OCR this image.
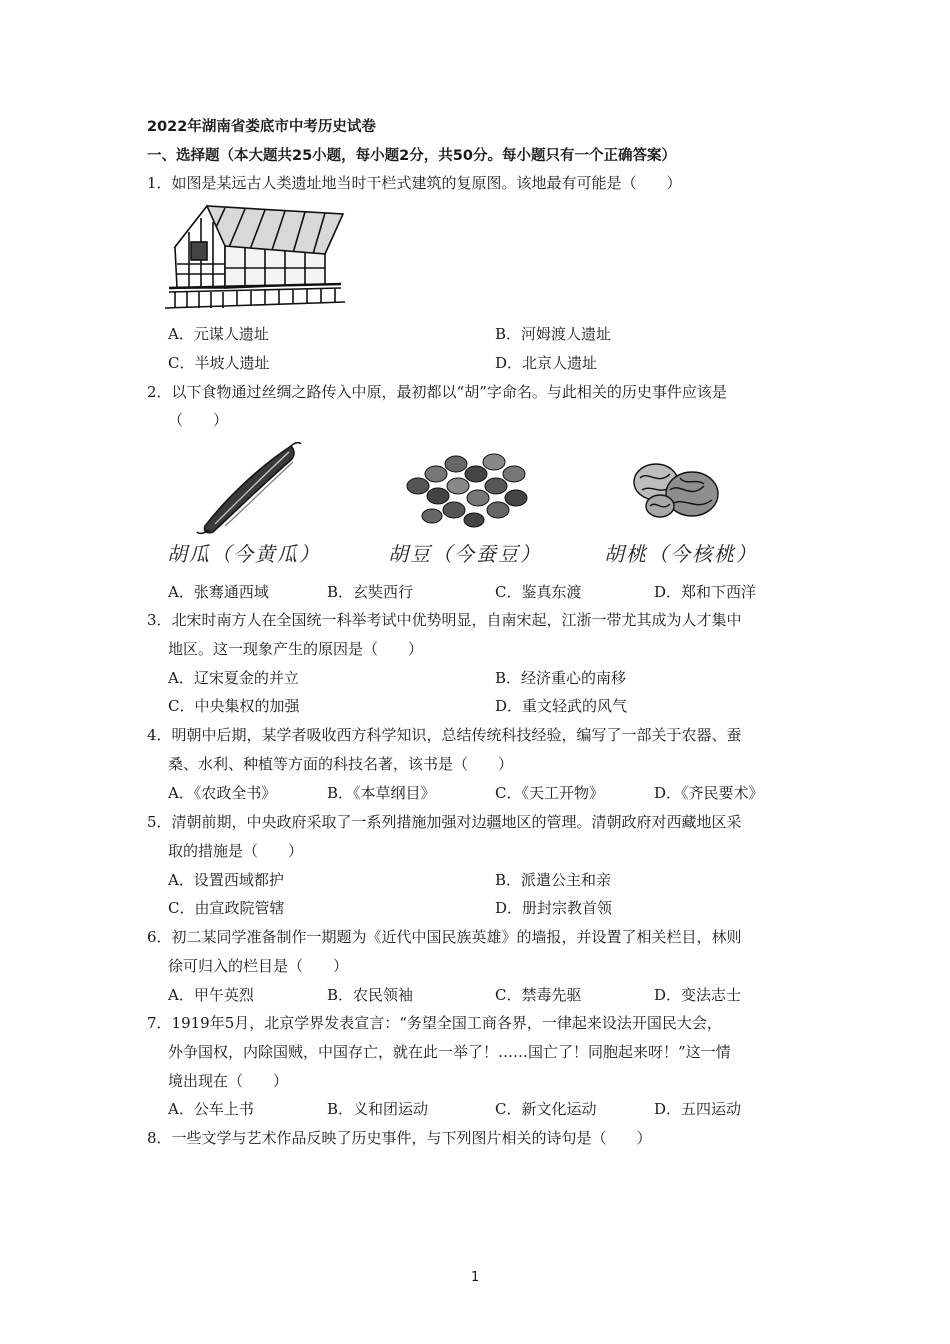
2022年湖南省娄底市中考历史试卷
一、选择题（本大题共25小题，每小题2分，共50分。每小题只有一个正确答案）
1．如图是某远古人类遗址地当时干栏式建筑的复原图。该地最有可能是（　　）
A．元谋人遗址	B．河姆渡人遗址
C．半坡人遗址	D．北京人遗址
2．以下食物通过丝绸之路传入中原，最初都以“胡”字命名。与此相关的历史事件应该是
（　　）
胡瓜（今黄瓜）	胡豆（今蚕豆）	胡桃（今核桃）
A．张骞通西域	B．玄奘西行	C．鉴真东渡	D．郑和下西洋
3．北宋时南方人在全国统一科举考试中优势明显，自南宋起，江浙一带尤其成为人才集中
地区。这一现象产生的原因是（　　）
A．辽宋夏金的并立	B．经济重心的南移
C．中央集权的加强	D．重文轻武的风气
4．明朝中后期，某学者吸收西方科学知识，总结传统科技经验，编写了一部关于农器、蚕
桑、水利、种植等方面的科技名著，该书是（　　）
A．《农政全书》	B．《本草纲目》	C．《天工开物》	D．《齐民要术》
5．清朝前期，中央政府采取了一系列措施加强对边疆地区的管理。清朝政府对西藏地区采
取的措施是（　　）
A．设置西域都护	B．派遣公主和亲
C．由宣政院管辖	D．册封宗教首领
6．初二某同学准备制作一期题为《近代中国民族英雄》的墙报，并设置了相关栏目，林则
徐可归入的栏目是（　　）
A．甲午英烈	B．农民领袖	C．禁毒先驱	D．变法志士
7．1919年5月，北京学界发表宣言：“务望全国工商各界，一律起来设法开国民大会，
外争国权，内除国贼，中国存亡，就在此一举了！……国亡了！同胞起来呀！”这一情
境出现在（　　）
A．公车上书	B．义和团运动	C．新文化运动	D．五四运动
8．一些文学与艺术作品反映了历史事件，与下列图片相关的诗句是（　　）
1
